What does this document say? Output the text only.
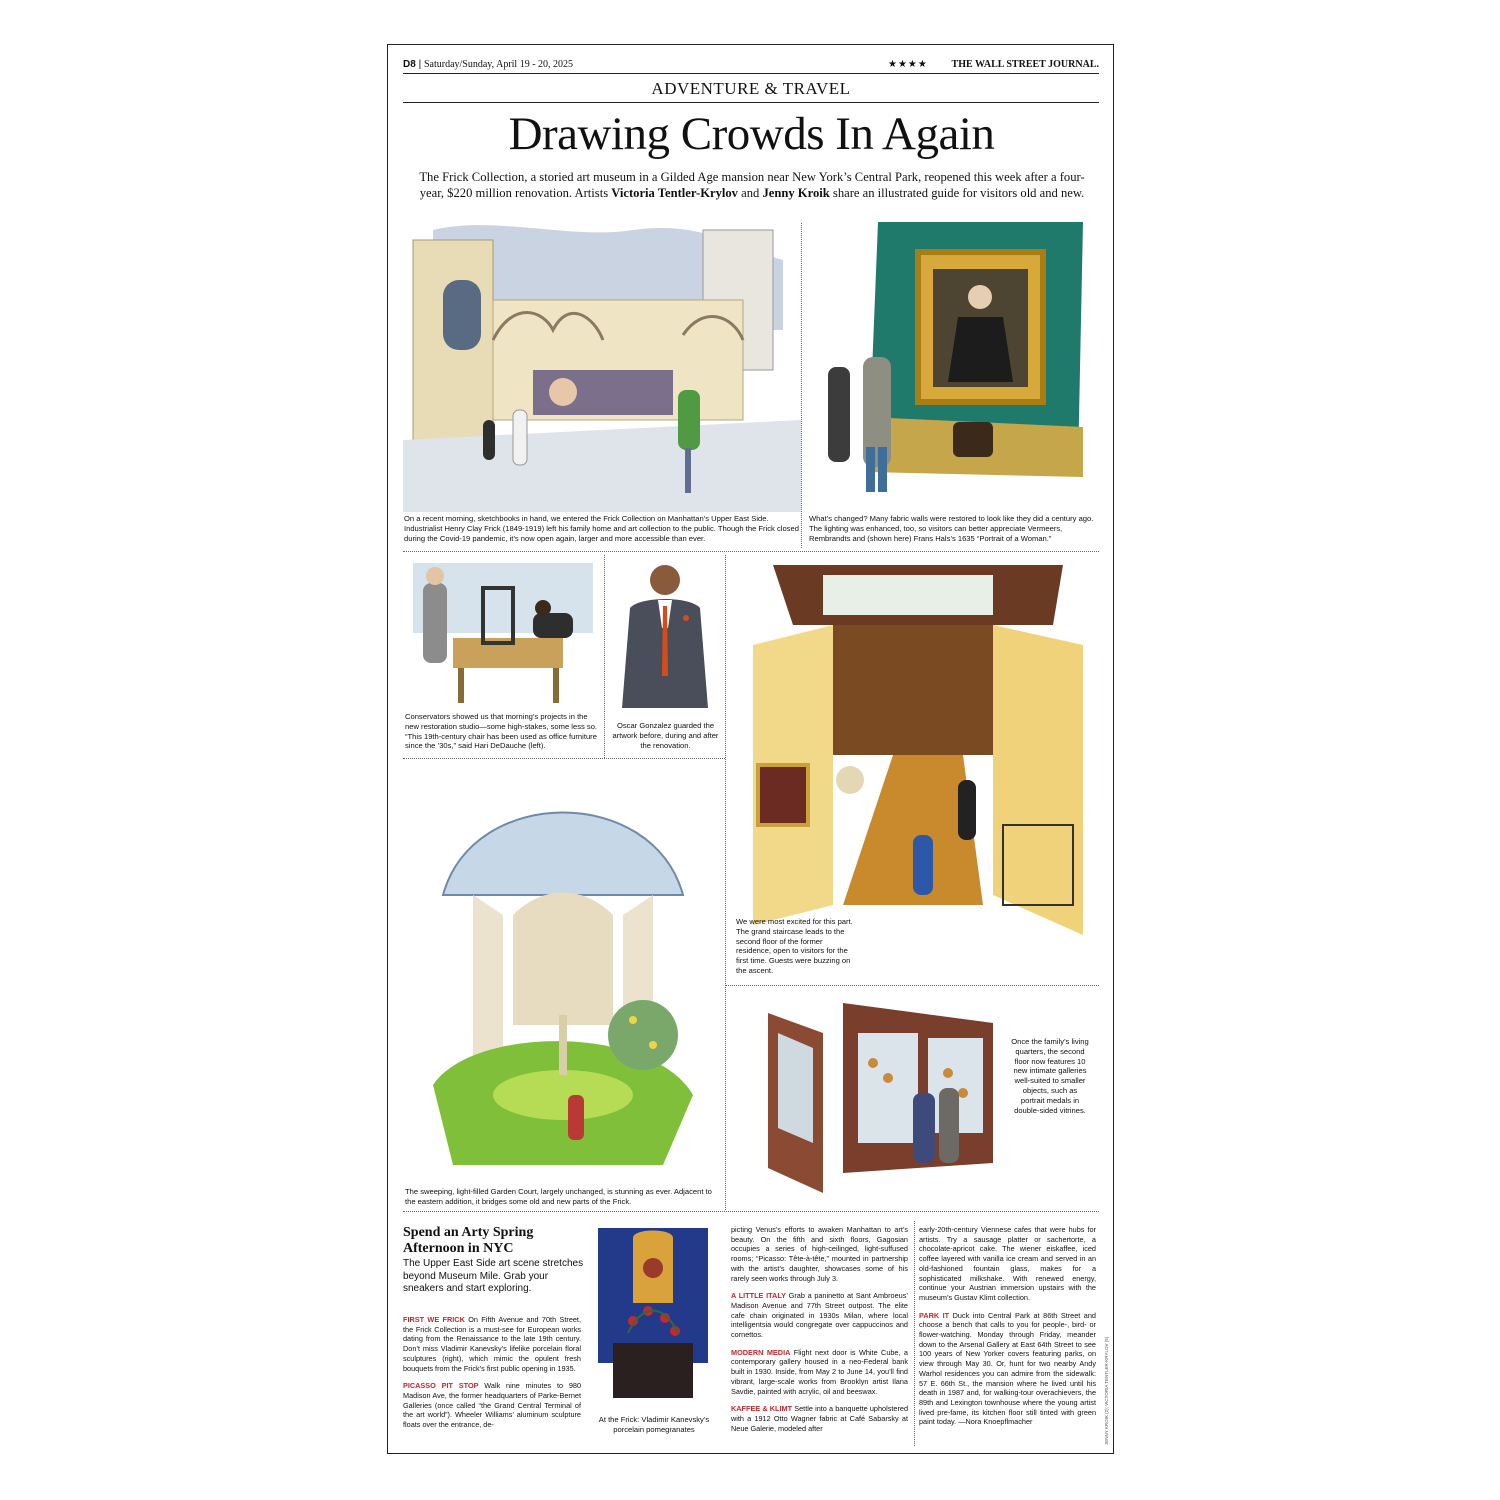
D8 | Saturday/Sunday, April 19 - 20, 2025	★★★★ THE WALL STREET JOURNAL.
ADVENTURE & TRAVEL
Drawing Crowds In Again
The Frick Collection, a storied art museum in a Gilded Age mansion near New York’s Central Park, reopened this week after a four-year, $220 million renovation. Artists Victoria Tentler-Krylov and Jenny Kroik share an illustrated guide for visitors old and new.
On a recent morning, sketchbooks in hand, we entered the Frick Collection on Manhattan’s Upper East Side. Industrialist Henry Clay Frick (1849-1919) left his family home and art collection to the public. Though the Frick closed during the Covid-19 pandemic, it’s now open again, larger and more accessible than ever.
What’s changed? Many fabric walls were restored to look like they did a century ago. The lighting was enhanced, too, so visitors can better appreciate Vermeers, Rembrandts and (shown here) Frans Hals’s 1635 “Portrait of a Woman.”
Conservators showed us that morning’s projects in the new restoration studio—some high-stakes, some less so. “This 19th-century chair has been used as office furniture since the ’30s,” said Hari DeDauche (left).
Oscar Gonzalez guarded the artwork before, during and after the renovation.
We were most excited for this part. The grand staircase leads to the second floor of the former residence, open to visitors for the first time. Guests were buzzing on the ascent.
The sweeping, light-filled Garden Court, largely unchanged, is stunning as ever. Adjacent to the eastern addition, it bridges some old and new parts of the Frick.
Once the family’s living quarters, the second floor now features 10 new intimate galleries well-suited to smaller objects, such as portrait medals in double-sided vitrines.
Spend an Arty Spring Afternoon in NYC
The Upper East Side art scene stretches beyond Museum Mile. Grab your sneakers and start exploring.

FIRST WE FRICK On Fifth Avenue and 70th Street, the Frick Collection is a must-see for European works dating from the Renaissance to the late 19th century. Don’t miss Vladimir Kanevsky’s lifelike porcelain floral sculptures (right), which mimic the opulent fresh bouquets from the Frick’s first public opening in 1935.

PICASSO PIT STOP Walk nine minutes to 980 Madison Ave, the former headquarters of Parke-Bernet Galleries (once called “the Grand Central Terminal of the art world”). Wheeler Williams’ aluminum sculpture floats over the entrance, de-

At the Frick: Vladimir Kanevsky’s porcelain pomegranates

picting Venus’s efforts to awaken Manhattan to art’s beauty. On the fifth and sixth floors, Gagosian occupies a series of high-ceilinged, light-suffused rooms; “Picasso: Tête-à-tête,” mounted in partnership with the artist’s daughter, showcases some of his rarely seen works through July 3.

A LITTLE ITALY Grab a paninetto at Sant Ambroeus’ Madison Avenue and 77th Street outpost. The elite cafe chain originated in 1930s Milan, where local intelligentsia would congregate over cappuccinos and cornettos.

MODERN MEDIA Flight next door is White Cube, a contemporary gallery housed in a neo-Federal bank built in 1930. Inside, from May 2 to June 14, you’ll find vibrant, large-scale works from Brooklyn artist Ilana Savdie, painted with acrylic, oil and beeswax.

KAFFEE & KLIMT Settle into a banquette upholstered with a 1912 Otto Wagner fabric at Café Sabarsky at Neue Galerie, modeled after

early-20th-century Viennese cafes that were hubs for artists. Try a sausage platter or sachertorte, a chocolate-apricot cake. The wiener eiskaffee, iced coffee layered with vanilla ice cream and served in an old-fashioned fountain glass, makes for a sophisticated milkshake. With renewed energy, continue your Austrian immersion upstairs with the museum’s Gustav Klimt collection.

PARK IT Duck into Central Park at 86th Street and choose a bench that calls to you for people-, bird- or flower-watching. Monday through Friday, meander down to the Arsenal Gallery at East 64th Street to see 100 years of New Yorker covers featuring parks, on view through May 30. Or, hunt for two nearby Andy Warhol residences you can admire from the sidewalk: 57 E. 66th St., the mansion where he lived until his death in 1987 and, for walking-tour overachievers, the 89th and Lexington townhouse where the young artist lived pre-fame, its kitchen floor still tinted with green paint today. —Nora Knoepflmacher	JENNY KROIK (2); VICTORIA TENTLER-KRYLOV (5)
